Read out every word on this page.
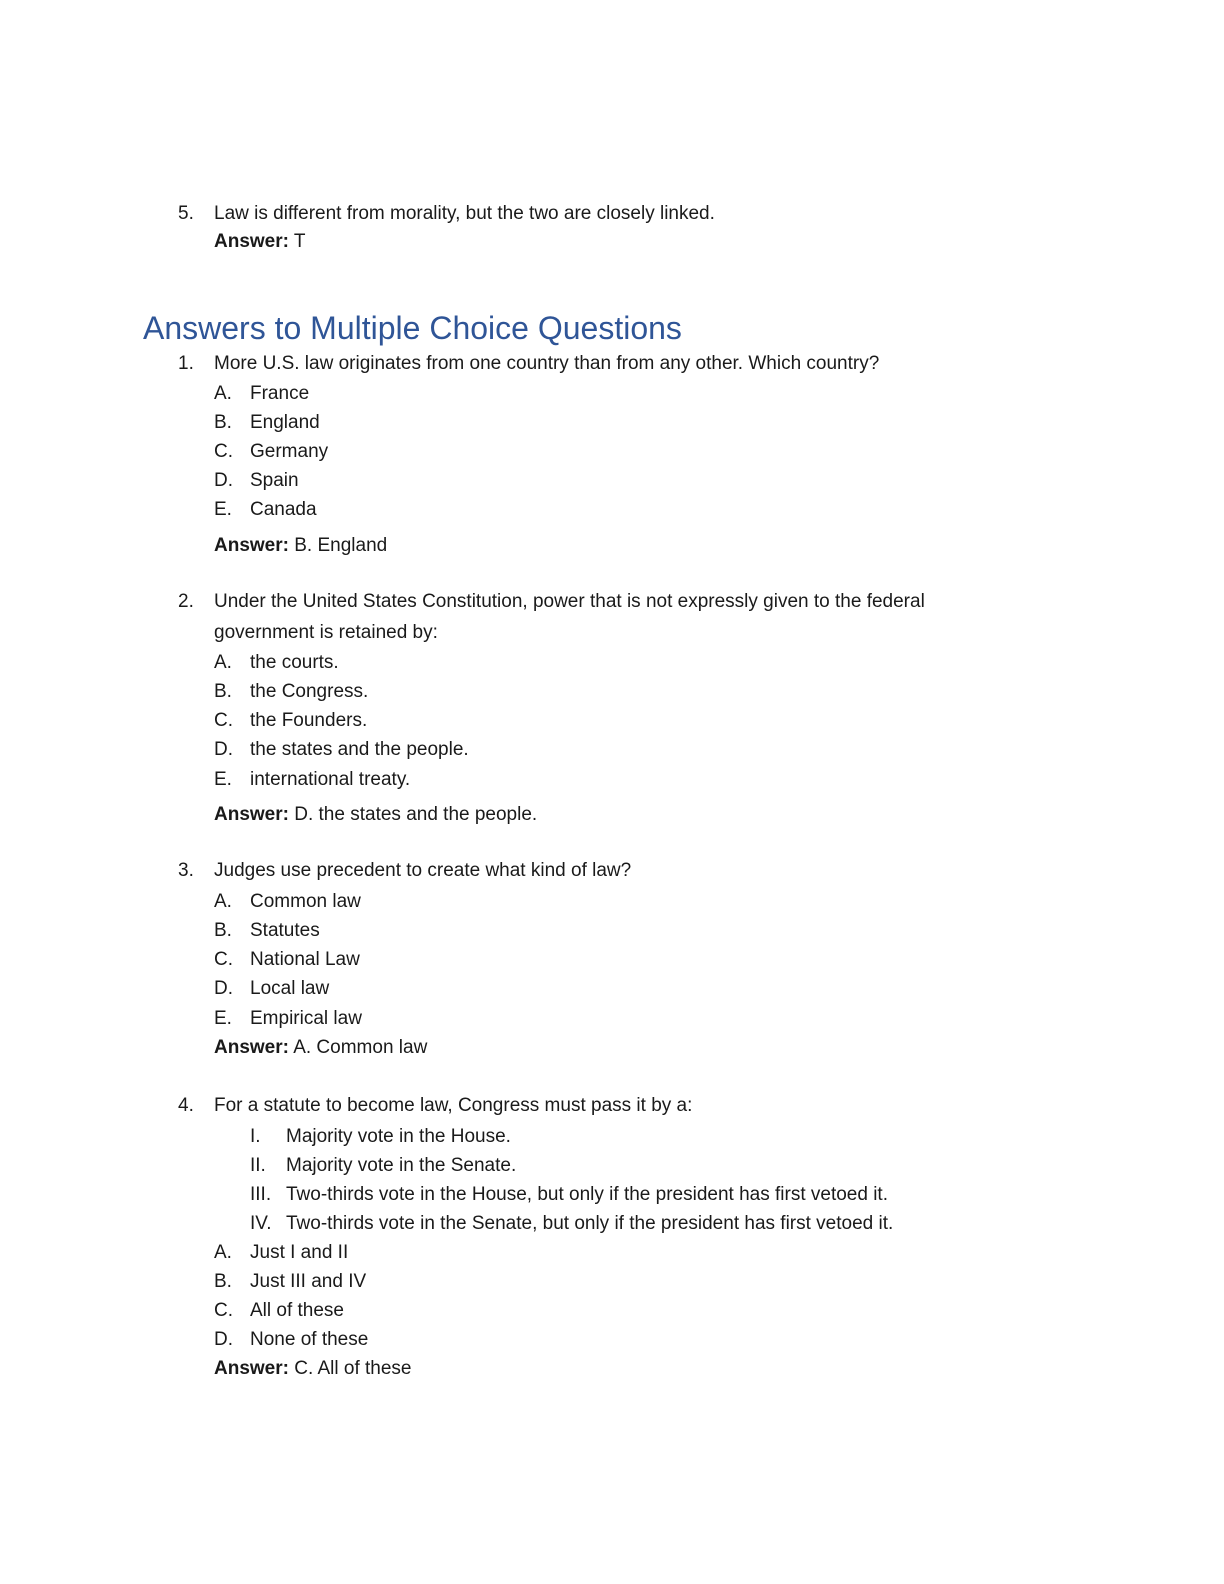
5. Law is different from morality, but the two are closely linked.
Answer: T
Answers to Multiple Choice Questions
1. More U.S. law originates from one country than from any other. Which country?
A. France
B. England
C. Germany
D. Spain
E. Canada
Answer: B. England
2. Under the United States Constitution, power that is not expressly given to the federal
government is retained by:
A. the courts.
B. the Congress.
C. the Founders.
D. the states and the people.
E. international treaty.
Answer: D. the states and the people.
3. Judges use precedent to create what kind of law?
A. Common law
B. Statutes
C. National Law
D. Local law
E. Empirical law
Answer: A. Common law
4. For a statute to become law, Congress must pass it by a:
I. Majority vote in the House.
II. Majority vote in the Senate.
III. Two-thirds vote in the House, but only if the president has first vetoed it.
IV. Two-thirds vote in the Senate, but only if the president has first vetoed it.
A. Just I and II
B. Just III and IV
C. All of these
D. None of these
Answer: C. All of these
